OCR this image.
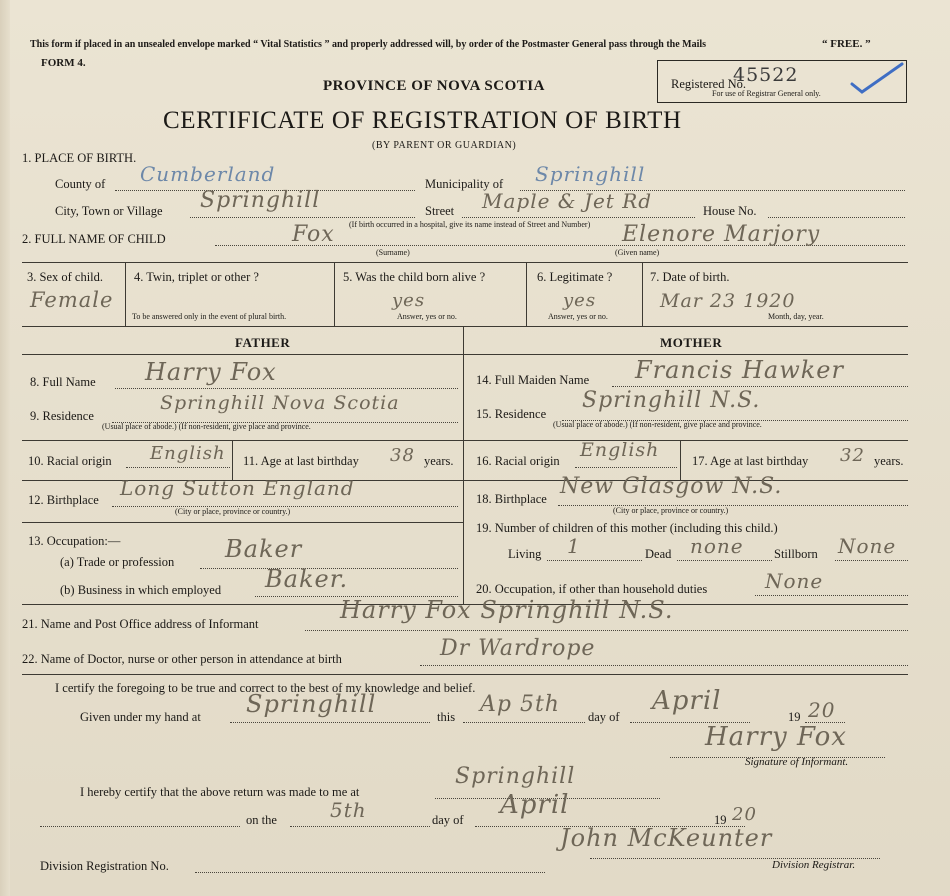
This form if placed in an unsealed envelope marked “ Vital Statistics ” and properly addressed will, by order of the Postmaster General pass through the Mails	“ FREE. ”
FORM 4.
PROVINCE OF NOVA SCOTIA
CERTIFICATE OF REGISTRATION OF BIRTH
(BY PARENT OR GUARDIAN)
Registered No.
45522
For use of Registrar General only.
1. PLACE OF BIRTH.
County of Cumberland	Municipality of Springhill
City, Town or Village Springhill	Street Maple & Jet Rd	House No.
(If birth occurred in a hospital, give its name instead of Street and Number)
2. FULL NAME OF CHILD	Fox
(Surname)
Elenore Marjory
(Given name)
3. Sex of child.
Female
4. Twin, triplet or other ?
To be answered only in the event of plural birth.
5. Was the child born alive ?
yes
Answer, yes or no.
6. Legitimate ?
yes
Answer, yes or no.
7. Date of birth.
Mar 23 1920
Month, day, year.
FATHER	MOTHER
8. Full Name Harry Fox
9. Residence
Springhill Nova Scotia
(Usual place of abode.) (If non-resident, give place and province.
10. Racial origin English 11. Age at last birthday 38 years.
12. Birthplace Long Sutton England
(City or place, province or country.)
13. Occupation:—
(a) Trade or profession Baker
(b) Business in which employed Baker.
14. Full Maiden Name Francis Hawker
15. Residence
Springhill N.S.
(Usual place of abode.) (If non-resident, give place and province.
16. Racial origin English	17. Age at last birthday 32 years.
18. Birthplace New Glasgow N.S.
(City or place, province or country.)
19. Number of children of this mother (including this child.)
Living 1	Dead none Stillborn None
20. Occupation, if other than household duties	None
21. Name and Post Office address of Informant	Harry Fox Springhill N.S.
22. Name of Doctor, nurse or other person in attendance at birth	Dr Wardrope
I certify the foregoing to be true and correct to the best of my knowledge and belief.
Given under my hand at Springhill	this Ap 5th day of
April
19 20
Harry Fox
Signature of Informant.
I hereby certify that the above return was made to me at
Springhill
on the	5th	day of April	19 20
John McKeunter
Division Registration No.	Division Registrar.
